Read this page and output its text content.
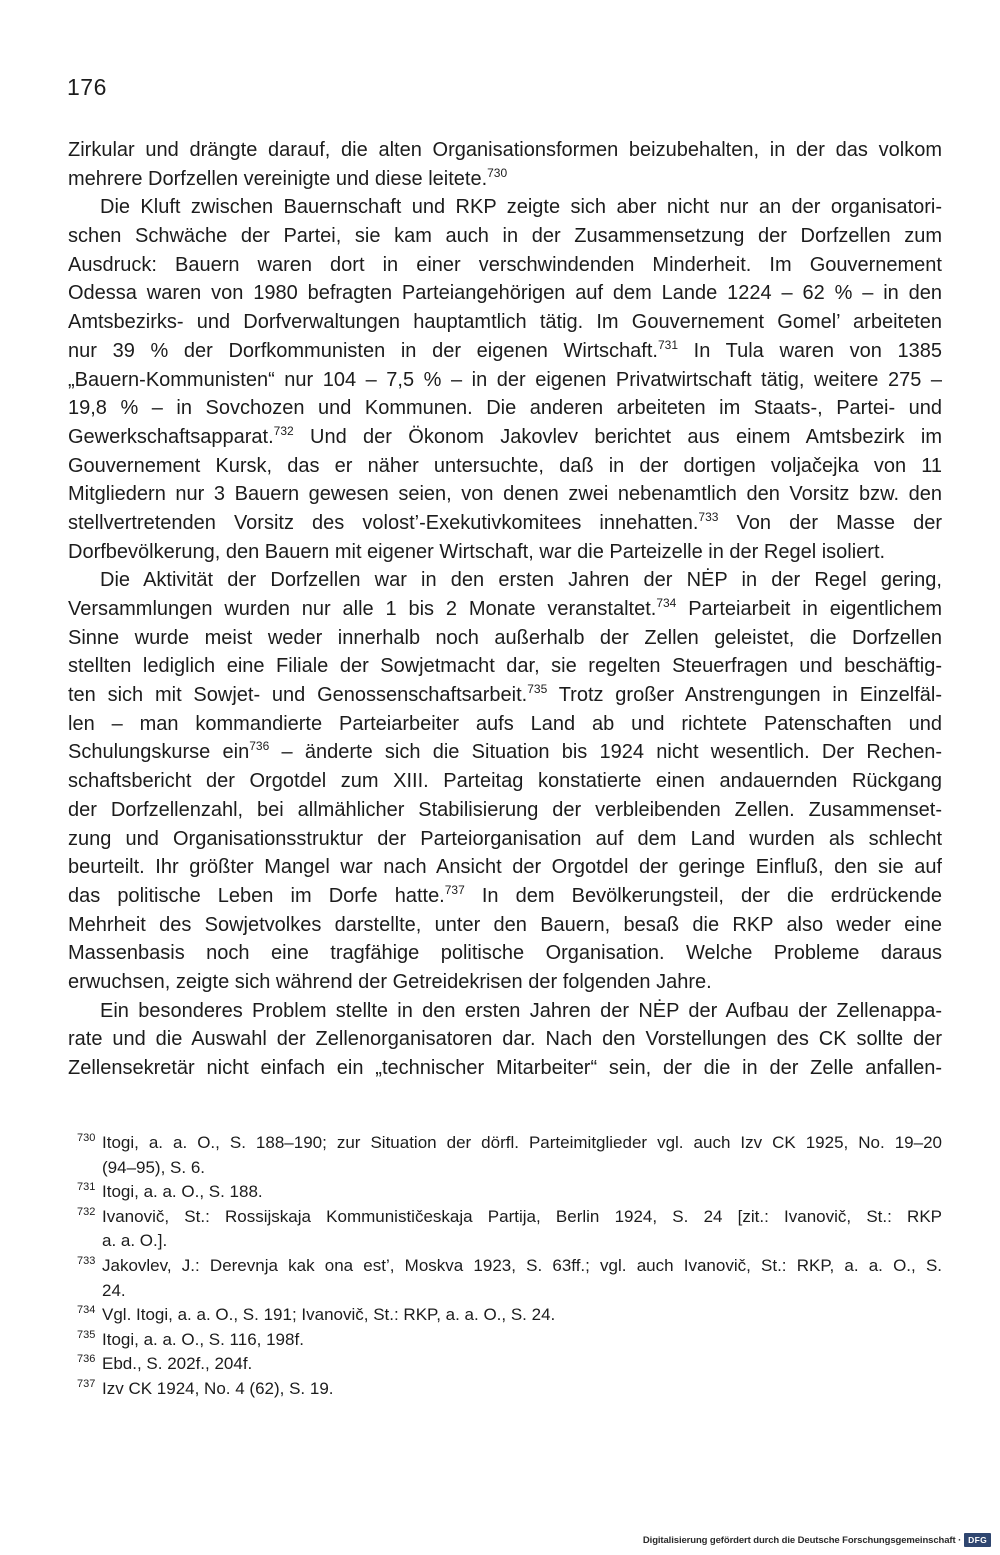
176
Zirkular und drängte darauf, die alten Organisationsformen beizubehalten, in der das volkom
mehrere Dorfzellen vereinigte und diese leitete.$^{730}$
Die Kluft zwischen Bauernschaft und RKP zeigte sich aber nicht nur an der organisatori-
schen Schwäche der Partei, sie kam auch in der Zusammensetzung der Dorfzellen zum
Ausdruck: Bauern waren dort in einer verschwindenden Minderheit. Im Gouvernement
Odessa waren von 1980 befragten Parteiangehörigen auf dem Lande 1224 – 62 % – in den
Amtsbezirks- und Dorfverwaltungen hauptamtlich tätig. Im Gouvernement Gomel’ arbeiteten
nur 39 % der Dorfkommunisten in der eigenen Wirtschaft.$^{731}$ In Tula waren von 1385
„Bauern-Kommunisten“ nur 104 – 7,5 % – in der eigenen Privatwirtschaft tätig, weitere 275 –
19,8 % – in Sovchozen und Kommunen. Die anderen arbeiteten im Staats-, Partei- und
Gewerkschaftsapparat.$^{732}$ Und der Ökonom Jakovlev berichtet aus einem Amtsbezirk im
Gouvernement Kursk, das er näher untersuchte, daß in der dortigen voljačejka von 11
Mitgliedern nur 3 Bauern gewesen seien, von denen zwei nebenamtlich den Vorsitz bzw. den
stellvertretenden Vorsitz des volost’-Exekutivkomitees innehatten.$^{733}$ Von der Masse der
Dorfbevölkerung, den Bauern mit eigener Wirtschaft, war die Parteizelle in der Regel isoliert.
Die Aktivität der Dorfzellen war in den ersten Jahren der NĖP in der Regel gering,
Versammlungen wurden nur alle 1 bis 2 Monate veranstaltet.$^{734}$ Parteiarbeit in eigentlichem
Sinne wurde meist weder innerhalb noch außerhalb der Zellen geleistet, die Dorfzellen
stellten lediglich eine Filiale der Sowjetmacht dar, sie regelten Steuerfragen und beschäftig-
ten sich mit Sowjet- und Genossenschaftsarbeit.$^{735}$ Trotz großer Anstrengungen in Einzelfäl-
len – man kommandierte Parteiarbeiter aufs Land ab und richtete Patenschaften und
Schulungskurse ein$^{736}$ – änderte sich die Situation bis 1924 nicht wesentlich. Der Rechen-
schaftsbericht der Orgotdel zum XIII. Parteitag konstatierte einen andauernden Rückgang
der Dorfzellenzahl, bei allmählicher Stabilisierung der verbleibenden Zellen. Zusammenset-
zung und Organisationsstruktur der Parteiorganisation auf dem Land wurden als schlecht
beurteilt. Ihr größter Mangel war nach Ansicht der Orgotdel der geringe Einfluß, den sie auf
das politische Leben im Dorfe hatte.$^{737}$ In dem Bevölkerungsteil, der die erdrückende
Mehrheit des Sowjetvolkes darstellte, unter den Bauern, besaß die RKP also weder eine
Massenbasis noch eine tragfähige politische Organisation. Welche Probleme daraus
erwuchsen, zeigte sich während der Getreidekrisen der folgenden Jahre.
Ein besonderes Problem stellte in den ersten Jahren der NĖP der Aufbau der Zellenappa-
rate und die Auswahl der Zellenorganisatoren dar. Nach den Vorstellungen des CK sollte der
Zellensekretär nicht einfach ein „technischer Mitarbeiter“ sein, der die in der Zelle anfallen-
730 Itogi, a. a. O., S. 188–190; zur Situation der dörfl. Parteimitglieder vgl. auch Izv CK 1925, No. 19–20
(94–95), S. 6.
731 Itogi, a. a. O., S. 188.
732 Ivanovič, St.: Rossijskaja Kommunističeskaja Partija, Berlin 1924, S. 24 [zit.: Ivanovič, St.: RKP
a. a. O.].
733 Jakovlev, J.: Derevnja kak ona est’, Moskva 1923, S. 63ff.; vgl. auch Ivanovič, St.: RKP, a. a. O., S.
24.
734 Vgl. Itogi, a. a. O., S. 191; Ivanovič, St.: RKP, a. a. O., S. 24.
735 Itogi, a. a. O., S. 116, 198f.
736 Ebd., S. 202f., 204f.
737 Izv CK 1924, No. 4 (62), S. 19.
Digitalisierung gefördert durch die Deutsche Forschungsgemeinschaft · DFG
